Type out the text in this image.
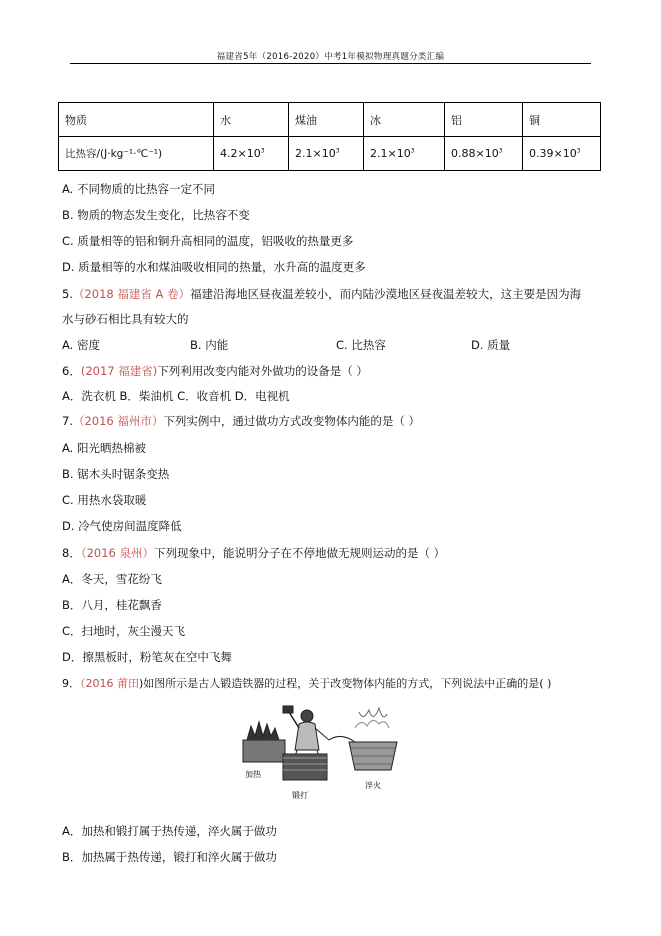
福建省5年（2016-2020）中考1年模拟物理真题分类汇编
物质	水	煤油	冰	铝	铜
比热容/(J·kg⁻¹·℃⁻¹)	$4.2\times 10^3$	$2.1\times 10^3$	$2.1\times 10^3$	$0.88\times 10^3$	$0.39\times 10^3$
A. 不同物质的比热容一定不同
B. 物质的物态发生变化，比热容不变
C. 质量相等的铝和铜升高相同的温度，铝吸收的热量更多
D. 质量相等的水和煤油吸收相同的热量，水升高的温度更多
5.（2018 福建省 A 卷）福建沿海地区昼夜温差较小，而内陆沙漠地区昼夜温差较大，这主要是因为海
水与砂石相比具有较大的
A. 密度	B. 内能	C. 比热容	D. 质量
6．(2017 福建省)下列利用改变内能对外做功的设备是（ ）
A．洗衣机 B．柴油机 C．收音机 D．电视机
7.（2016 福州市）下列实例中，通过做功方式改变物体内能的是（ ）
A. 阳光晒热棉被
B. 锯木头时锯条变热
C. 用热水袋取暖
D. 冷气使房间温度降低
8．（2016 泉州）下列现象中，能说明分子在不停地做无规则运动的是（ ）
A．冬天，雪花纷飞
B．八月，桂花飘香
C．扫地时，灰尘漫天飞
D．擦黑板时，粉笔灰在空中飞舞
9．（2016 莆田)如图所示是古人锻造铁器的过程，关于改变物体内能的方式，下列说法中正确的是( )
加热
锻打
淬火
A．加热和锻打属于热传递，淬火属于做功
B．加热属于热传递，锻打和淬火属于做功
